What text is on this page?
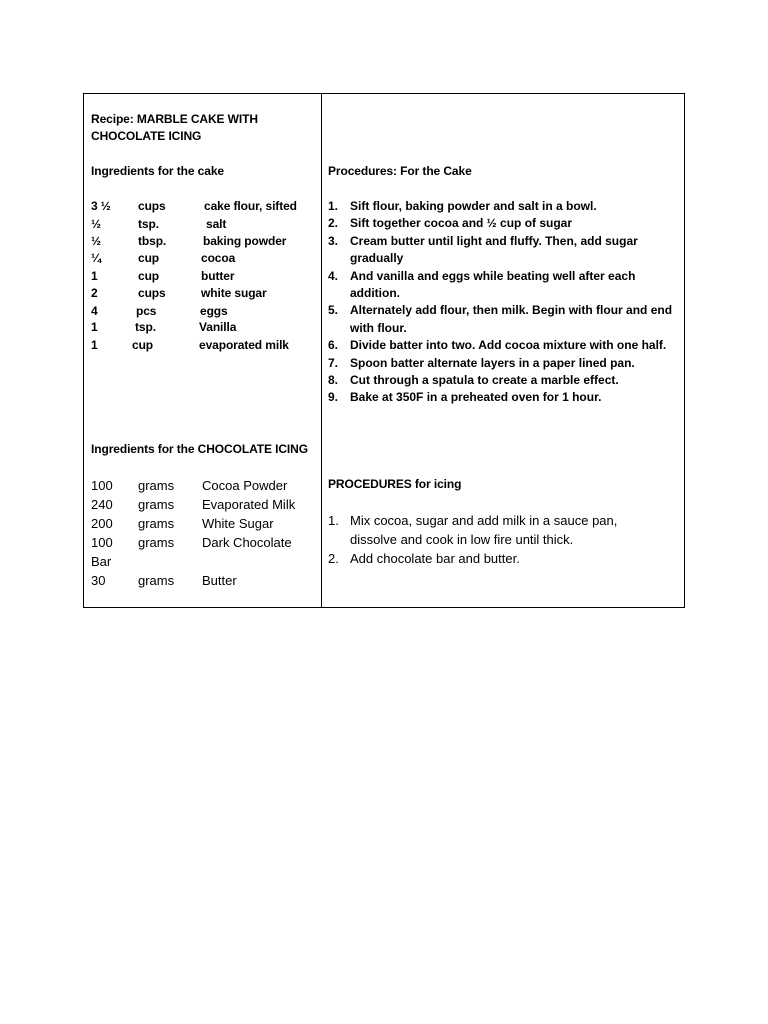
Recipe: MARBLE CAKE WITH
CHOCOLATE ICING
Ingredients for the cake
3 ½ cups	cake flour, sifted
½	tsp.	salt
½	tbsp.	baking powder
¼	cup	cocoa
1	cup	butter
2	cups	white sugar
4	pcs	eggs
1	tsp.	Vanilla
1	cup	evaporated milk
Ingredients for the CHOCOLATE ICING
100 grams Cocoa Powder
240 grams Evaporated Milk
200 grams White Sugar
100 grams Dark Chocolate
Bar
30	grams Butter
Procedures: For the Cake
1. Sift flour, baking powder and salt in a bowl.
2. Sift together cocoa and ½ cup of sugar
3. Cream butter until light and fluffy. Then, add sugar
gradually
4. And vanilla and eggs while beating well after each
addition.
5. Alternately add flour, then milk. Begin with flour and end
with flour.
6. Divide batter into two. Add cocoa mixture with one half.
7. Spoon batter alternate layers in a paper lined pan.
8. Cut through a spatula to create a marble effect.
9. Bake at 350F in a preheated oven for 1 hour.
PROCEDURES for icing
1. Mix cocoa, sugar and add milk in a sauce pan,
dissolve and cook in low fire until thick.
2. Add chocolate bar and butter.
